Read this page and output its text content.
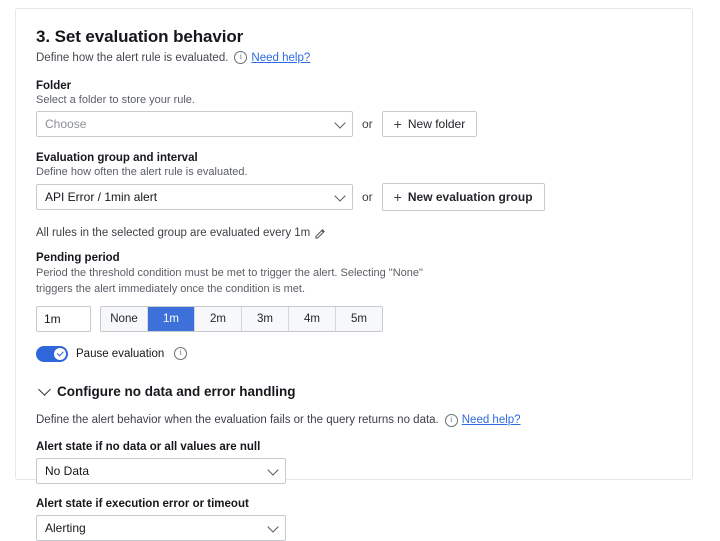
3. Set evaluation behavior
Define how the alert rule is evaluated. i Need help?
Folder
Select a folder to store your rule.
Choose	or + New folder
Evaluation group and interval
Define how often the alert rule is evaluated.
API Error / 1min alert	or + New evaluation group
All rules in the selected group are evaluated every 1m
Pending period
Period the threshold condition must be met to trigger the alert. Selecting "None" triggers the alert immediately once the condition is met.
1m
None	1m	2m	3m	4m	5m
Pause evaluation
i
Configure no data and error handling
Define the alert behavior when the evaluation fails or the query returns no data. i Need help?
Alert state if no data or all values are null
No Data
Alert state if execution error or timeout
Alerting
